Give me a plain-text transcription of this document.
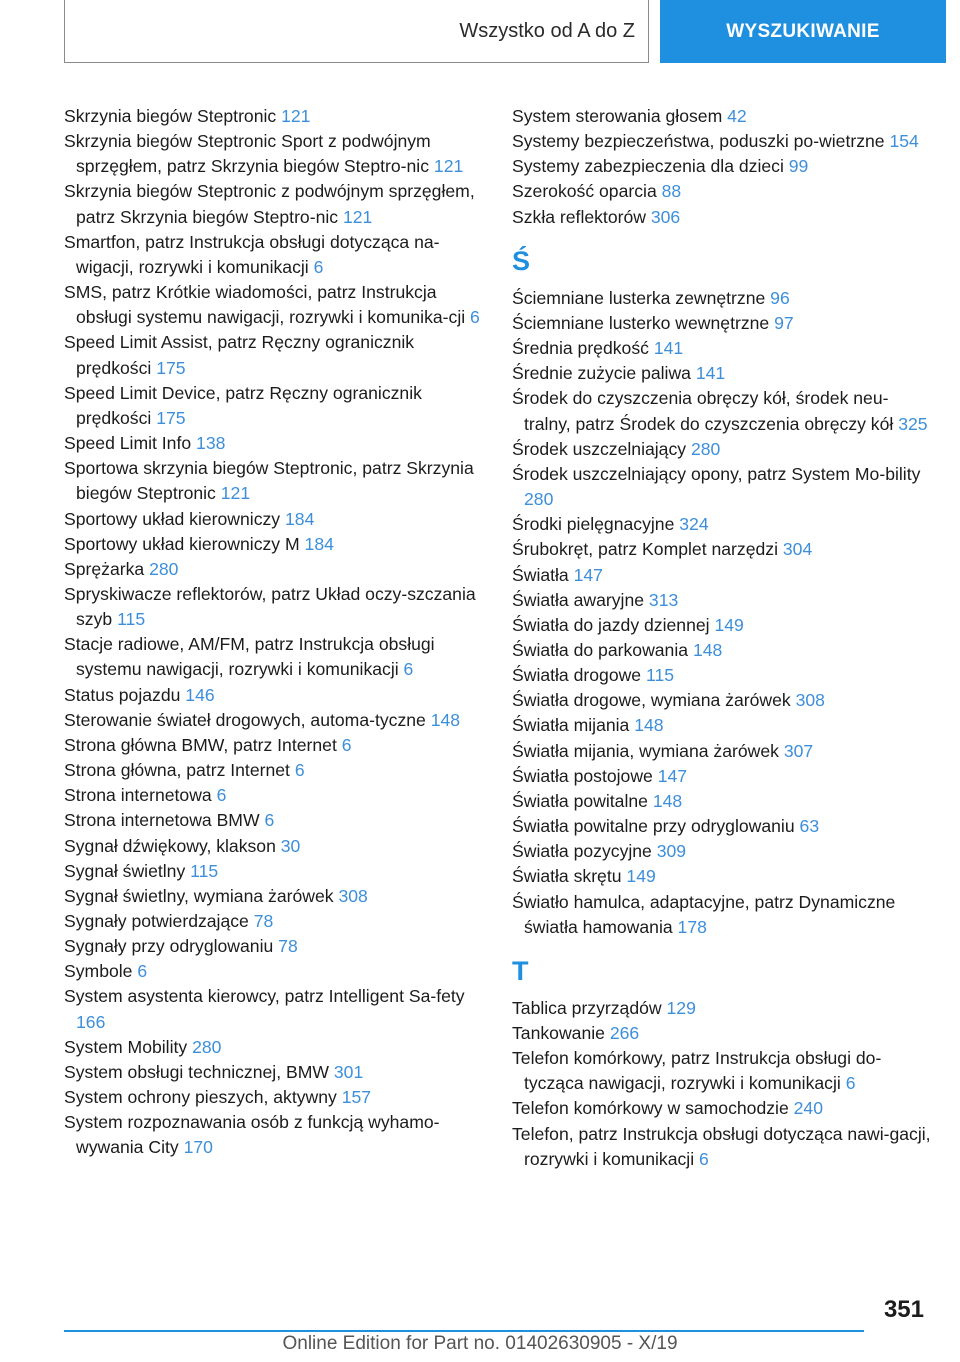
Wszystko od A do Z	WYSZUKIWANIE
Skrzynia biegów Steptronic 121
Skrzynia biegów Steptronic Sport z podwójnym sprzęgłem, patrz Skrzynia biegów Steptro-nic 121
Skrzynia biegów Steptronic z podwójnym sprzęgłem, patrz Skrzynia biegów Steptro-nic 121
Smartfon, patrz Instrukcja obsługi dotycząca na-wigacji, rozrywki i komunikacji 6
SMS, patrz Krótkie wiadomości, patrz Instrukcja obsługi systemu nawigacji, rozrywki i komunika-cji 6
Speed Limit Assist, patrz Ręczny ogranicznik prędkości 175
Speed Limit Device, patrz Ręczny ogranicznik prędkości 175
Speed Limit Info 138
Sportowa skrzynia biegów Steptronic, patrz Skrzynia biegów Steptronic 121
Sportowy układ kierowniczy 184
Sportowy układ kierowniczy M 184
Sprężarka 280
Spryskiwacze reflektorów, patrz Układ oczy-szczania szyb 115
Stacje radiowe, AM/FM, patrz Instrukcja obsługi systemu nawigacji, rozrywki i komunikacji 6
Status pojazdu 146
Sterowanie świateł drogowych, automa-tyczne 148
Strona główna BMW, patrz Internet 6
Strona główna, patrz Internet 6
Strona internetowa 6
Strona internetowa BMW 6
Sygnał dźwiękowy, klakson 30
Sygnał świetlny 115
Sygnał świetlny, wymiana żarówek 308
Sygnały potwierdzające 78
Sygnały przy odryglowaniu 78
Symbole 6
System asystenta kierowcy, patrz Intelligent Sa-fety 166
System Mobility 280
System obsługi technicznej, BMW 301
System ochrony pieszych, aktywny 157
System rozpoznawania osób z funkcją wyhamo-wywania City 170
System sterowania głosem 42
Systemy bezpieczeństwa, poduszki po-wietrzne 154
Systemy zabezpieczenia dla dzieci 99
Szerokość oparcia 88
Szkła reflektorów 306
Ś
Ściemniane lusterka zewnętrzne 96
Ściemniane lusterko wewnętrzne 97
Średnia prędkość 141
Średnie zużycie paliwa 141
Środek do czyszczenia obręczy kół, środek neu-tralny, patrz Środek do czyszczenia obręczy kół 325
Środek uszczelniający 280
Środek uszczelniający opony, patrz System Mo-bility 280
Środki pielęgnacyjne 324
Śrubokręt, patrz Komplet narzędzi 304
Światła 147
Światła awaryjne 313
Światła do jazdy dziennej 149
Światła do parkowania 148
Światła drogowe 115
Światła drogowe, wymiana żarówek 308
Światła mijania 148
Światła mijania, wymiana żarówek 307
Światła postojowe 147
Światła powitalne 148
Światła powitalne przy odryglowaniu 63
Światła pozycyjne 309
Światła skrętu 149
Światło hamulca, adaptacyjne, patrz Dynamiczne światła hamowania 178
T
Tablica przyrządów 129
Tankowanie 266
Telefon komórkowy, patrz Instrukcja obsługi do-tycząca nawigacji, rozrywki i komunikacji 6
Telefon komórkowy w samochodzie 240
Telefon, patrz Instrukcja obsługi dotycząca nawi-gacji, rozrywki i komunikacji 6
351
Online Edition for Part no. 01402630905 - X/19
